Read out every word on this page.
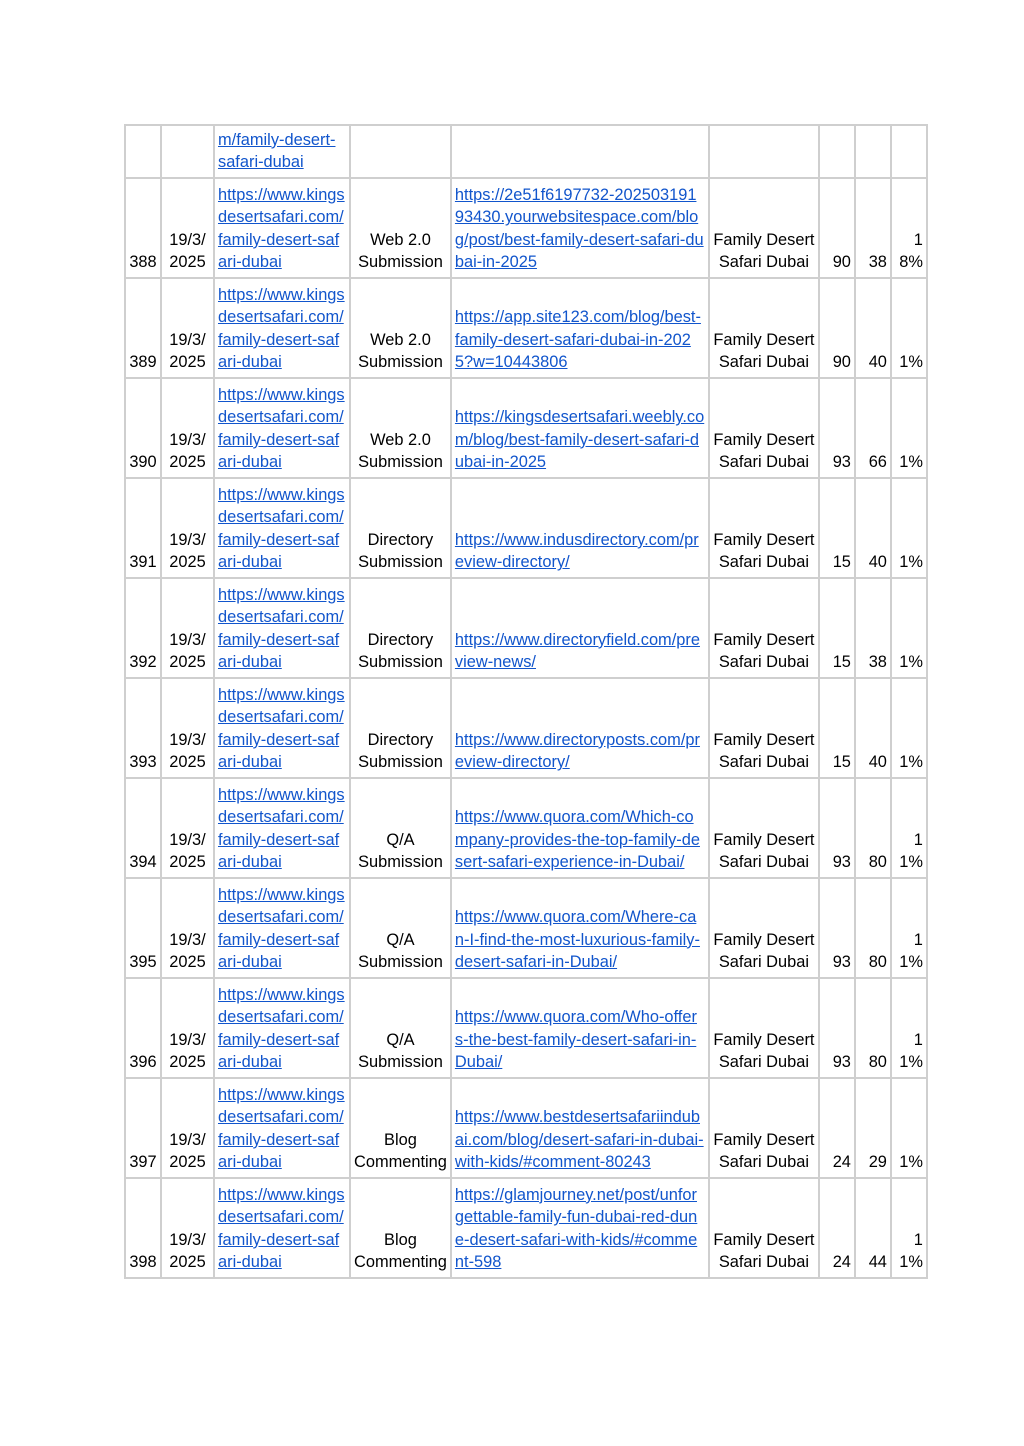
		m/family-desert-
safari-dubai						
388	19/3/2025	https://www.kingsdesertsafari.com/family-desert-safari-dubai	Web 2.0 Submission	https://2e51f6197732-20250319193430.yourwebsitespace.com/blog/post/best-family-desert-safari-dubai-in-2025	Family Desert Safari Dubai	90	38	18%
389	19/3/2025	https://www.kingsdesertsafari.com/family-desert-safari-dubai	Web 2.0 Submission	https://app.site123.com/blog/best-family-desert-safari-dubai-in-2025?w=10443806	Family Desert Safari Dubai	90	40	1%
390	19/3/2025	https://www.kingsdesertsafari.com/family-desert-safari-dubai	Web 2.0 Submission	https://kingsdesertsafari.weebly.com/blog/best-family-desert-safari-dubai-in-2025	Family Desert Safari Dubai	93	66	1%
391	19/3/2025	https://www.kingsdesertsafari.com/family-desert-safari-dubai	Directory Submission	https://www.indusdirectory.com/preview-directory/	Family Desert Safari Dubai	15	40	1%
392	19/3/2025	https://www.kingsdesertsafari.com/family-desert-safari-dubai	Directory Submission	https://www.directoryfield.com/preview-news/	Family Desert Safari Dubai	15	38	1%
393	19/3/2025	https://www.kingsdesertsafari.com/family-desert-safari-dubai	Directory Submission	https://www.directoryposts.com/preview-directory/	Family Desert Safari Dubai	15	40	1%
394	19/3/2025	https://www.kingsdesertsafari.com/family-desert-safari-dubai	Q/A Submission	https://www.quora.com/Which-company-provides-the-top-family-desert-safari-experience-in-Dubai/	Family Desert Safari Dubai	93	80	11%
395	19/3/2025	https://www.kingsdesertsafari.com/family-desert-safari-dubai	Q/A Submission	https://www.quora.com/Where-can-I-find-the-most-luxurious-family-desert-safari-in-Dubai/	Family Desert Safari Dubai	93	80	11%
396	19/3/2025	https://www.kingsdesertsafari.com/family-desert-safari-dubai	Q/A Submission	https://www.quora.com/Who-offers-the-best-family-desert-safari-in-Dubai/	Family Desert Safari Dubai	93	80	11%
397	19/3/2025	https://www.kingsdesertsafari.com/family-desert-safari-dubai	Blog Commenting	https://www.bestdesertsafariindubai.com/blog/desert-safari-in-dubai-with-kids/#comment-80243	Family Desert Safari Dubai	24	29	1%
398	19/3/2025	https://www.kingsdesertsafari.com/family-desert-safari-dubai	Blog Commenting	https://glamjourney.net/post/unforgettable-family-fun-dubai-red-dune-desert-safari-with-kids/#comment-598	Family Desert Safari Dubai	24	44	11%
